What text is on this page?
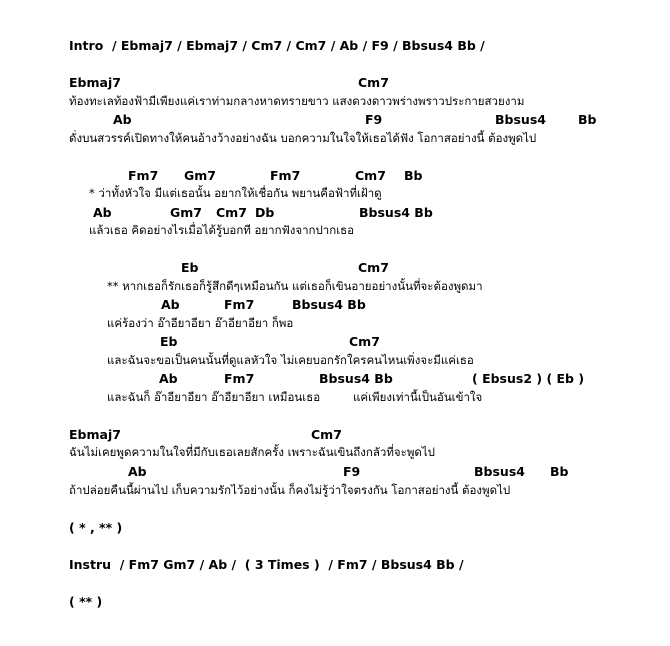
Intro  / Ebmaj7 / Ebmaj7 / Cm7 / Cm7 / Ab / F9 / Bbsus4 Bb /
Ebmaj7	Cm7
ท้องทะเลท้องฟ้ามีเพียงแค่เราท่ามกลางหาดทรายขาว แสงดวงดาวพร่างพราวประกายสวยงาม
Ab	F9	Bbsus4	Bb
ดั่งบนสวรรค์เปิดทางให้คนอ้างว้างอย่างฉัน บอกความในใจให้เธอได้ฟัง โอกาสอย่างนี้ ต้องพูดไป
Fm7 Gm7	Fm7	Cm7 Bb
* ว่าทั้งหัวใจ มีแต่เธอนั้น อยากให้เชื่อกัน พยานคือฟ้าที่เฝ้าดู
Ab	Gm7 Cm7 Db	Bbsus4 Bb
แล้วเธอ คิดอย่างไรเมื่อได้รู้บอกที อยากฟังจากปากเธอ
Eb	Cm7
** หากเธอก็รักเธอก็รู้สึกดีๆเหมือนกัน แต่เธอก็เขินอายอย่างนั้นที่จะต้องพูดมา
Ab	Fm7	Bbsus4 Bb
แค่ร้องว่า อ๊าอียาอียา อ๊าอียาอียา ก็พอ
Eb	Cm7
และฉันจะขอเป็นคนนั้นที่ดูแลหัวใจ ไม่เคยบอกรักใครคนไหนเพิ่งจะมีแค่เธอ
Ab	Fm7	Bbsus4 Bb	( Ebsus2 ) ( Eb )
และฉันก็ อ๊าอียาอียา อ๊าอียาอียา เหมือนเธอ         แค่เพียงเท่านี้เป็นอันเข้าใจ
Ebmaj7	Cm7
ฉันไม่เคยพูดความในใจที่มีกับเธอเลยสักครั้ง เพราะฉันเขินถึงกลัวที่จะพูดไป
Ab	F9	Bbsus4 Bb
ถ้าปล่อยคืนนี้ผ่านไป เก็บความรักไว้อย่างนั้น ก็คงไม่รู้ว่าใจตรงกัน โอกาสอย่างนี้ ต้องพูดไป
( * , ** )
Instru  / Fm7 Gm7 / Ab /  ( 3 Times )  / Fm7 / Bbsus4 Bb /
( ** )
